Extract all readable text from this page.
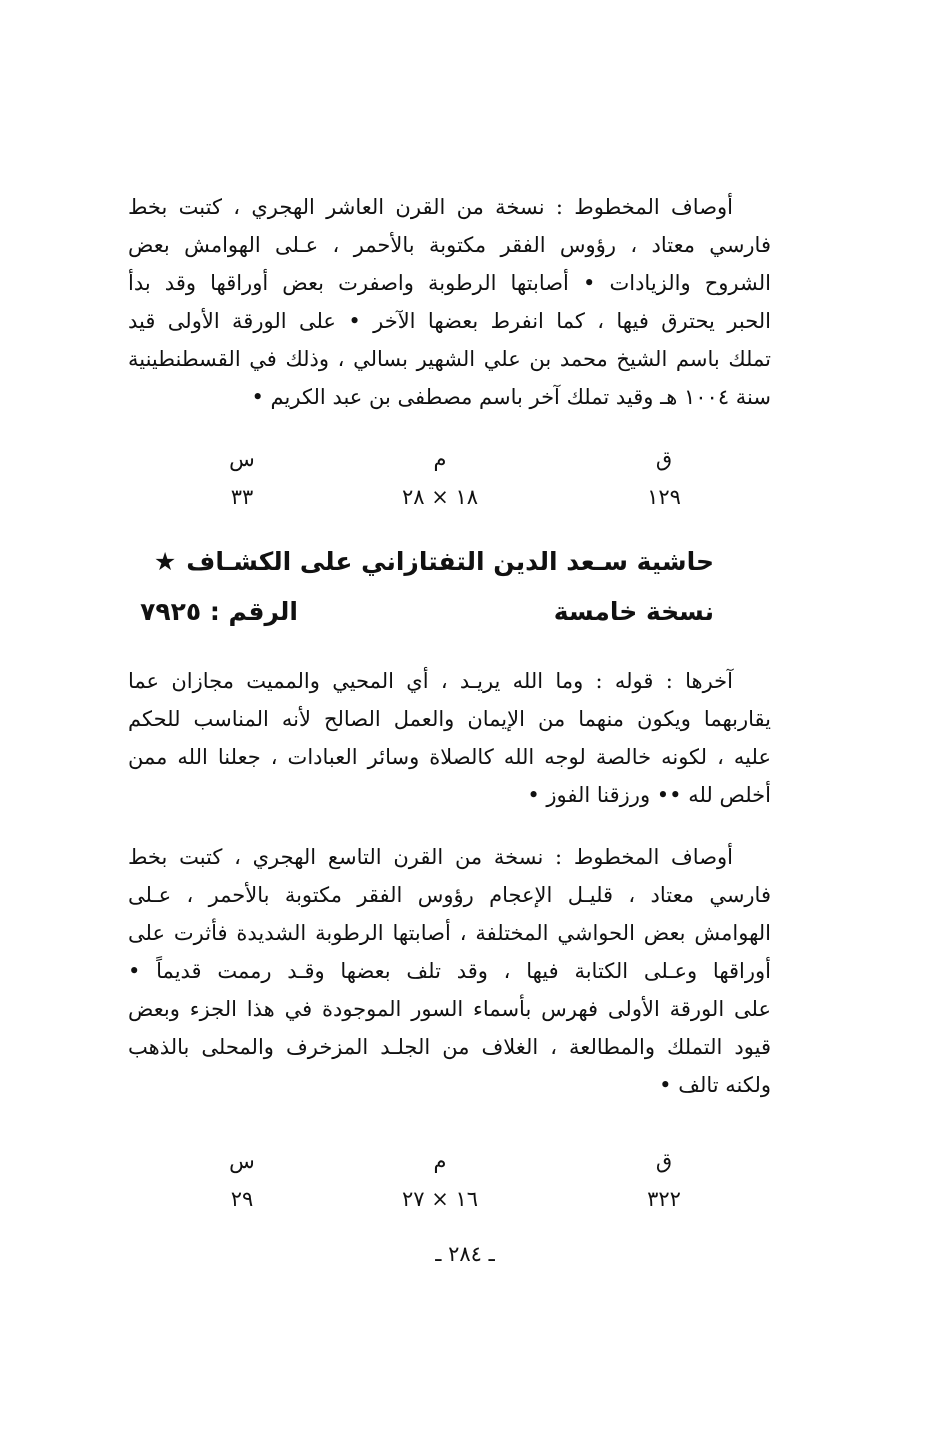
أوصاف المخطوط : نسخة من القرن العاشر الهجري ، كتبت بخط
فارسي معتاد ، رؤوس الفقر مكتوبة بالأحمر ، عـلى الهوامش بعض
الشروح والزيادات • أصابتها الرطوبة واصفرت بعض أوراقها وقد بدأ
الحبر يحترق فيها ، كما انفرط بعضها الآخر • على الورقة الأولى قيد
تملك باسم الشيخ محمد بن علي الشهير بسالي ، وذلك في القسطنطينية
سنة ١٠٠٤ هـ وقيد تملك آخر باسم مصطفى بن عبد الكريم •
ق
م
س
١٢٩
١٨ × ٢٨
٣٣
حاشية سـعد الدين التفتازاني على الكشـاف★
نسخة خامسة
الرقم : ٧٩٢٥
آخرها : قوله : وما الله يريـد ، أي المحيي والمميت مجازان عما
يقاربهما ويكون منهما من الإيمان والعمل الصالح لأنه المناسب للحكم
عليه ، لكونه خالصة لوجه الله كالصلاة وسائر العبادات ، جعلنا الله ممن
أخلص لله •• ورزقنا الفوز •
أوصاف المخطوط : نسخة من القرن التاسع الهجري ، كتبت بخط
فارسي معتاد ، قليـل الإعجام رؤوس الفقر مكتوبة بالأحمر ، عـلى
الهوامش بعض الحواشي المختلفة ، أصابتها الرطوبة الشديدة فأثرت على
أوراقها وعـلى الكتابة فيها ، وقد تلف بعضها وقـد رممت قديماً •
على الورقة الأولى فهرس بأسماء السور الموجودة في هذا الجزء وبعض
قيود التملك والمطالعة ، الغلاف من الجلـد المزخرف والمحلى بالذهب
ولكنه تالف •
ق
م
س
٣٢٢
١٦ × ٢٧
٢٩
ـ ٢٨٤ ـ
